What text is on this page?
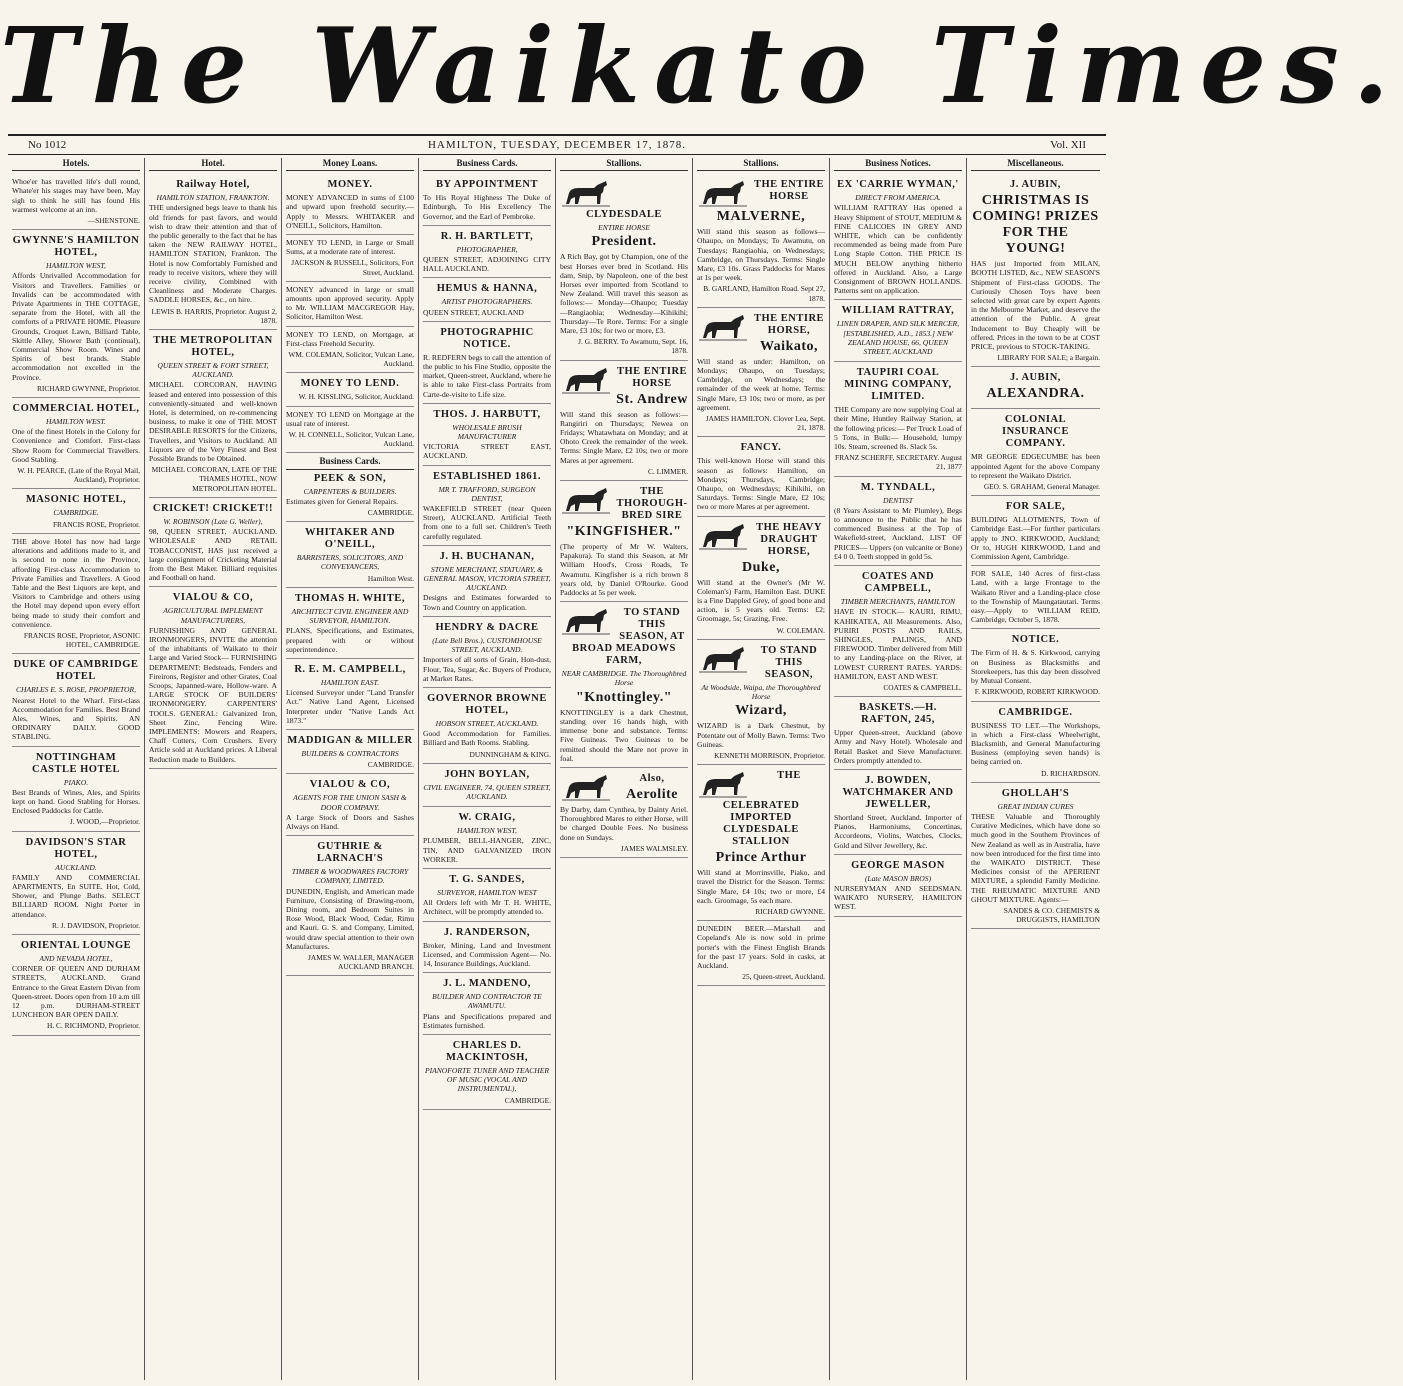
The Waikato Times.
No 1012	HAMILTON, TUESDAY, DECEMBER 17, 1878.	Vol. XII
Hotels.
Whoe'er has travelled life's dull round, Whate'er his stages may have been, May sigh to think he still has found His warmest welcome at an inn.
—SHENSTONE.
GWYNNE'S HAMILTON HOTEL,
HAMILTON WEST,
Affords Unrivalled Accommodation for Visitors and Travellers. Families or Invalids can be accommodated with Private Apartments in THE COTTAGE, separate from the Hotel, with all the comforts of a PRIVATE HOME. Pleasure Grounds, Croquet Lawn, Billiard Table, Skittle Alley, Shower Bath (continual), Commercial Show Room. Wines and Spirits of best brands. Stable accommodation not excelled in the Province.
RICHARD GWYNNE, Proprietor.
COMMERCIAL HOTEL,
HAMILTON WEST.
One of the finest Hotels in the Colony for Convenience and Comfort. First-class Show Room for Commercial Travellers. Good Stabling.
W. H. PEARCE, (Late of the Royal Mail, Auckland), Proprietor.
MASONIC HOTEL,
CAMBRIDGE.
FRANCIS ROSE, Proprietor.
THE above Hotel has now had large alterations and additions made to it, and is second to none in the Province, affording First-class Accommodation to Private Families and Travellers. A Good Table and the Best Liquors are kept, and Visitors to Cambridge and others using the Hotel may depend upon every effort being made to study their comfort and convenience.
FRANCIS ROSE, Proprietor, ASONIC HOTEL, CAMBRIDGE.
DUKE OF CAMBRIDGE HOTEL
CHARLES E. S. ROSE, PROPRIETOR,
Nearest Hotel to the Wharf. First-class Accommodation for Families. Best Brand Ales, Wines, and Spirits. AN ORDINARY DAILY. GOOD STABLING.
NOTTINGHAM CASTLE HOTEL
PIAKO.
Best Brands of Wines, Ales, and Spirits kept on hand. Good Stabling for Horses. Enclosed Paddocks for Cattle.
J. WOOD,—Proprietor.
DAVIDSON'S STAR HOTEL,
AUCKLAND.
FAMILY AND COMMERCIAL APARTMENTS, En SUITE. Hot, Cold, Shower, and Plunge Baths. SELECT BILLIARD ROOM. Night Porter in attendance.
R. J. DAVIDSON, Proprietor.
ORIENTAL LOUNGE
AND NEVADA HOTEL,
CORNER OF QUEEN AND DURHAM STREETS, AUCKLAND. Grand Entrance to the Great Eastern Divan from Queen-street. Doors open from 10 a.m till 12 p.m. DURHAM-STREET LUNCHEON BAR OPEN DAILY.
H. C. RICHMOND, Proprietor.
Hotel.
Railway Hotel,
HAMILTON STATION, FRANKTON.
THE undersigned begs leave to thank his old friends for past favors, and would wish to draw their attention and that of the public generally to the fact that he has taken the NEW RAILWAY HOTEL, HAMILTON STATION, Frankton. The Hotel is now Comfortably Furnished and ready to receive visitors, where they will receive civility, Combined with Cleanliness and Moderate Charges. SADDLE HORSES, &c., on hire.
LEWIS B. HARRIS, Proprietor. August 2, 1878.
THE METROPOLITAN HOTEL,
QUEEN STREET & FORT STREET, AUCKLAND.
MICHAEL CORCORAN, HAVING leased and entered into possession of this conveniently-situated and well-known Hotel, is determined, on re-commencing business, to make it one of THE MOST DESIRABLE RESORTS for the Citizens, Travellers, and Visitors to Auckland. All Liquors are of the Very Finest and Best Possible Brands to be Obtained.
MICHAEL CORCORAN, LATE OF THE THAMES HOTEL, NOW METROPOLITAN HOTEL.
CRICKET! CRICKET!!
W. ROBINSON (Late G. Weller),
98, QUEEN STREET, AUCKLAND. WHOLESALE AND RETAIL TOBACCONIST, HAS just received a large consignment of Cricketing Material from the Best Maker. Billiard requisites and Football on hand.
VIALOU & CO,
AGRICULTURAL IMPLEMENT MANUFACTURERS,
FURNISHING AND GENERAL IRONMONGERS, INVITE the attention of the inhabitants of Waikato to their Large and Varied Stock— FURNISHING DEPARTMENT: Bedsteads, Fenders and Fireirons, Register and other Grates, Coal Scoops, Japanned-ware, Hollow-ware. A LARGE STOCK OF BUILDERS' IRONMONGERY. CARPENTERS' TOOLS. GENERAL: Galvanized Iron, Sheet Zinc, Fencing Wire. IMPLEMENTS: Mowers and Reapers, Chaff Cutters, Corn Crushers. Every Article sold at Auckland prices. A Liberal Reduction made to Builders.
Money Loans.
MONEY.
MONEY ADVANCED in sums of £100 and upward upon freehold security.—Apply to Messrs. WHITAKER and O'NEILL, Solicitors, Hamilton.
MONEY TO LEND, in Large or Small Sums, at a moderate rate of interest.
JACKSON & RUSSELL, Solicitors, Fort Street, Auckland.
MONEY advanced in large or small amounts upon approved security. Apply to Mr. WILLIAM MACGREGOR Hay, Solicitor, Hamilton West.
MONEY TO LEND, on Mortgage, at First-class Freehold Security.
WM. COLEMAN, Solicitor, Vulcan Lane, Auckland.
MONEY TO LEND.
W. H. KISSLING, Solicitor, Auckland.
MONEY TO LEND on Mortgage at the usual rate of interest.
W. H. CONNELL, Solicitor, Vulcan Lane, Auckland.
Business Cards.
PEEK & SON,
CARPENTERS & BUILDERS.
Estimates given for General Repairs.
CAMBRIDGE.
WHITAKER AND O'NEILL,
BARRISTERS, SOLICITORS, AND CONVEYANCERS,
Hamilton West.
THOMAS H. WHITE,
ARCHITECT CIVIL ENGINEER AND SURVEYOR, HAMILTON.
PLANS, Specifications, and Estimates, prepared with or without superintendence.
R. E. M. CAMPBELL,
HAMILTON EAST.
Licensed Surveyor under "Land Transfer Act." Native Land Agent, Licensed Interpreter under "Native Lands Act 1873."
MADDIGAN & MILLER
BUILDERS & CONTRACTORS
CAMBRIDGE.
VIALOU & CO,
AGENTS FOR THE UNION SASH & DOOR COMPANY.
A Large Stock of Doors and Sashes Always on Hand.
GUTHRIE & LARNACH'S
TIMBER & WOODWARES FACTORY COMPANY, LIMITED.
DUNEDIN, English, and American made Furniture, Consisting of Drawing-room, Dining room, and Bedroom Suites in Rose Wood, Black Wood, Cedar, Rimu and Kauri. G. S. and Company, Limited, would draw special attention to their own Manufactures.
JAMES W. WALLER, MANAGER AUCKLAND BRANCH.
Business Cards.
BY APPOINTMENT
To His Royal Highness The Duke of Edinburgh, To His Excellency The Governor, and the Earl of Pembroke.
R. H. BARTLETT,
PHOTOGRAPHER,
QUEEN STREET, ADJOINING CITY HALL AUCKLAND.
HEMUS & HANNA,
ARTIST PHOTOGRAPHERS.
QUEEN STREET, AUCKLAND
PHOTOGRAPHIC NOTICE.
R. REDFERN begs to call the attention of the public to his Fine Studio, opposite the market, Queen-street, Auckland, where he is able to take First-class Portraits from Carte-de-visite to Life size.
THOS. J. HARBUTT,
WHOLESALE BRUSH MANUFACTURER
VICTORIA STREET EAST, AUCKLAND.
ESTABLISHED 1861.
MR T. TRAFFORD, SURGEON DENTIST,
WAKEFIELD STREET (near Queen Street), AUCKLAND. Artificial Teeth from one to a full set. Children's Teeth carefully regulated.
J. H. BUCHANAN,
STONE MERCHANT, STATUARY, & GENERAL MASON, VICTORIA STREET, AUCKLAND.
Designs and Estimates forwarded to Town and Country on application.
HENDRY & DACRE
(Late Bell Bros.), CUSTOMHOUSE STREET, AUCKLAND.
Importers of all sorts of Grain, Hon-dust, Flour, Tea, Sugar, &c. Buyers of Produce, at Market Rates.
GOVERNOR BROWNE HOTEL,
HOBSON STREET, AUCKLAND.
Good Accommodation for Families. Billiard and Bath Rooms. Stabling.
DUNNINGHAM & KING.
JOHN BOYLAN,
CIVIL ENGINEER, 74, QUEEN STREET, AUCKLAND.
W. CRAIG,
HAMILTON WEST,
PLUMBER, BELL-HANGER, ZINC, TIN, AND GALVANIZED IRON WORKER.
T. G. SANDES,
SURVEYOR, HAMILTON WEST
All Orders left with Mr T. H. WHITE, Architect, will be promptly attended to.
J. RANDERSON,
Broker, Mining, Land and Investment Licensed, and Commission Agent— No. 14, Insurance Buildings, Auckland.
J. L. MANDENO,
BUILDER AND CONTRACTOR TE AWAMUTU.
Plans and Specifications prepared and Estimates furnished.
CHARLES D. MACKINTOSH,
PIANOFORTE TUNER AND TEACHER OF MUSIC (VOCAL AND INSTRUMENTAL),
CAMBRIDGE.
Stallions.
CLYDESDALE
ENTIRE HORSE
President.
A Rich Bay, got by Champion, one of the best Horses ever bred in Scotland. His dam, Snip, by Napoleon, one of the best Horses ever imported from Scotland to New Zealand. Will travel this season as follows:— Monday—Ohaupo; Tuesday—Rangiaohia; Wednesday—Kihikihi; Thursday—Te Rore. Terms: For a single Mare, £3 10s; for two or more, £3.
J. G. BERRY. To Awamutu, Sept. 16, 1878.
THE ENTIRE HORSE
St. Andrew
Will stand this season as follows:— Rangiriri on Thursdays; Newea on Fridays; Whatawhata on Monday; and at Ohoto Creek the remainder of the week. Terms: Single Mare, £2 10s; two or more Mares at per agreement.
C. LIMMER.
THE THOROUGH-BRED SIRE
"KINGFISHER."
(The property of Mr W. Walters, Papakura). To stand this Season, at Mr William Hood's, Cross Roads, Te Awamutu. Kingfisher is a rich brown 8 years old, by Daniel O'Rourke. Good Paddocks at 5s per week.
TO STAND THIS SEASON, AT BROAD MEADOWS FARM,
NEAR CAMBRIDGE. The Thoroughbred Horse
"Knottingley."
KNOTTINGLEY is a dark Chestnut, standing over 16 hands high, with immense bone and substance. Terms: Five Guineas. Two Guineas to be remitted should the Mare not prove in foal.
Also,
Aerolite
By Darby, dam Cynthea, by Dainty Ariel. Thoroughbred Mares to either Horse, will be charged Double Fees. No business done on Sundays.
JAMES WALMSLEY.
Stallions.
THE ENTIRE HORSE
MALVERNE,
Will stand this season as follows— Ohaupo, on Mondays; To Awamutu, on Tuesdays; Rangiaohia, on Wednesdays; Cambridge, on Thursdays. Terms: Single Mare, £3 10s. Grass Paddocks for Mares at 1s per week.
B. GARLAND, Hamilton Road. Sept 27, 1878.
THE ENTIRE HORSE,
Waikato,
Will stand as under: Hamilton, on Mondays; Ohaupo, on Tuesdays; Cambridge, on Wednesdays; the remainder of the week at home. Terms: Single Mare, £3 10s; two or more, as per agreement.
JAMES HAMILTON. Clover Lea, Sept. 21, 1878.
FANCY.
This well-known Horse will stand this season as follows: Hamilton, on Mondays; Thursdays, Cambridge; Ohaupo, on Wednesdays; Kihikihi, on Saturdays. Terms: Single Mare, £2 10s; two or more Mares at per agreement.
THE HEAVY DRAUGHT HORSE,
Duke,
Will stand at the Owner's (Mr W. Coleman's) Farm, Hamilton East. DUKE is a Fine Dappled Grey, of good bone and action, is 5 years old. Terms: £2; Groomage, 5s; Grazing, Free.
W. COLEMAN.
TO STAND THIS SEASON,
At Woodside, Waipa, the Thoroughbred Horse
Wizard,
WIZARD is a Dark Chestnut, by Potentate out of Molly Bawn. Terms: Two Guineas.
KENNETH MORRISON, Proprietor.
THE CELEBRATED IMPORTED CLYDESDALE STALLION
Prince Arthur
Will stand at Morrinsville, Piako, and travel the District for the Season. Terms: Single Mare, £4 10s; two or more, £4 each. Groomage, 5s each mare.
RICHARD GWYNNE.
DUNEDIN BEER.—Marshall and Copeland's Ale is now sold in prime porter's with the Finest English Brands for the past 17 years. Sold in casks, at Auckland.
25, Queen-street, Auckland.
Business Notices.
EX 'CARRIE WYMAN,'
DIRECT FROM AMERICA.
WILLIAM RATTRAY Has opened a Heavy Shipment of STOUT, MEDIUM & FINE CALICOES IN GREY AND WHITE, which can be confidently recommended as being made from Pure Long Staple Cotton. THE PRICE IS MUCH BELOW anything hitherto offered in Auckland. Also, a Large Consignment of BROWN HOLLANDS. Patterns sent on application.
WILLIAM RATTRAY,
LINEN DRAPER, AND SILK MERCER, [ESTABLISHED, A.D., 1853.] NEW ZEALAND HOUSE, 66, QUEEN STREET, AUCKLAND
TAUPIRI COAL MINING COMPANY, LIMITED.
THE Company are now supplying Coal at their Mine, Huntley Railway Station, at the following prices:— Per Truck Load of 5 Tons, in Bulk:— Household, lumpy 10s. Steam, screened 8s. Slack 5s.
FRANZ SCHERFF, SECRETARY. August 21, 1877
M. TYNDALL,
DENTIST
(8 Years Assistant to Mr Plumley), Begs to announce to the Public that he has commenced Business at the Top of Wakefield-street, Auckland. LIST OF PRICES— Uppers (on vulcanite or Bone) £4 0 0. Teeth stopped in gold 5s.
COATES AND CAMPBELL,
TIMBER MERCHANTS, HAMILTON
HAVE IN STOCK— KAURI, RIMU, KAHIKATEA, All Measurements. Also, PURIRI POSTS AND RAILS, SHINGLES, PALINGS, AND FIREWOOD. Timber delivered from Mill to any Landing-place on the River, at LOWEST CURRENT RATES. YARDS: HAMILTON, EAST AND WEST.
COATES & CAMPBELL.
BASKETS.—H. RAFTON, 245,
Upper Queen-street, Auckland (above Army and Navy Hotel). Wholesale and Retail Basket and Sieve Manufacturer. Orders promptly attended to.
J. BOWDEN, WATCHMAKER AND JEWELLER,
Shortland Street, Auckland. Importer of Pianos, Harmoniums, Concertinas, Accordeons, Violins, Watches, Clocks, Gold and Silver Jewellery, &c.
GEORGE MASON
(Late MASON BROS)
NURSERYMAN AND SEEDSMAN. WAIKATO NURSERY, HAMILTON WEST.
Miscellaneous.
J. AUBIN,
CHRISTMAS IS COMING! PRIZES FOR THE YOUNG!
HAS just Imported from MILAN, BOOTH LISTED, &c., NEW SEASON'S Shipment of First-class GOODS. The Curiously Chosen Toys have been selected with great care by expert Agents in the Melbourne Market, and deserve the attention of the Public. A great Inducement to Buy Cheaply will be offered. Prices in the town to be at COST PRICE, previous to STOCK-TAKING.
LIBRARY FOR SALE; a Bargain.
J. AUBIN,
ALEXANDRA.
COLONIAL INSURANCE COMPANY.
MR GEORGE EDGECUMBE has been appointed Agent for the above Company to represent the Waikato District.
GEO. S. GRAHAM, General Manager.
FOR SALE,
BUILDING ALLOTMENTS, Town of Cambridge East.—For further particulars apply to JNO. KIRKWOOD, Auckland; Or to, HUGH KIRKWOOD, Land and Commission Agent, Cambridge.
FOR SALE, 140 Acres of first-class Land, with a large Frontage to the Waikato River and a Landing-place close to the Township of Maungatautari. Terms easy.—Apply to WILLIAM REID, Cambridge, October 5, 1878.
NOTICE.
The Firm of H. & S. Kirkwood, carrying on Business as Blacksmiths and Storekeepers, has this day been dissolved by Mutual Consent.
F. KIRKWOOD, ROBERT KIRKWOOD.
CAMBRIDGE.
BUSINESS TO LET.—The Workshops, in which a First-class Wheelwright, Blacksmith, and General Manufacturing Business (employing seven hands) is being carried on.
D. RICHARDSON.
GHOLLAH'S
GREAT INDIAN CURES
THESE Valuable and Thoroughly Curative Medicines, which have done so much good in the Southern Provinces of New Zealand as well as in Australia, have now been introduced for the first time into the WAIKATO DISTRICT. These Medicines consist of the APERIENT MIXTURE, a splendid Family Medicine. THE RHEUMATIC MIXTURE AND GHOUT MIXTURE. Agents:—
SANDES & CO. CHEMISTS & DRUGGISTS, HAMILTON
